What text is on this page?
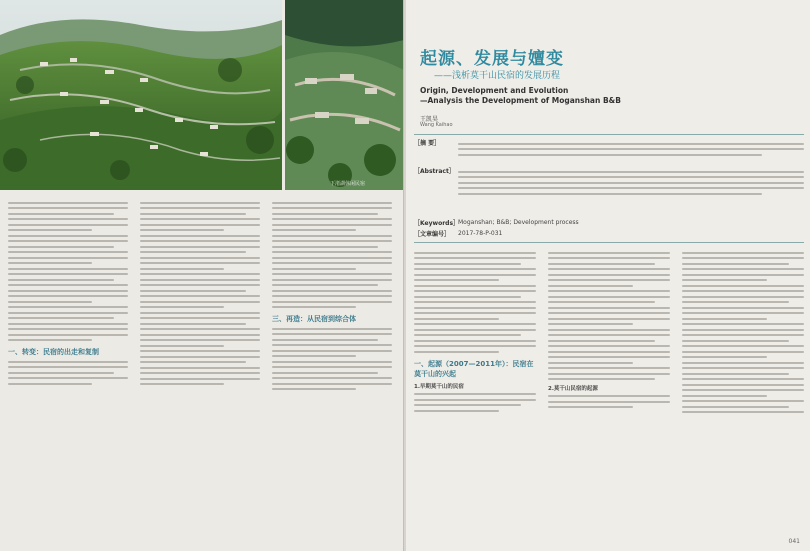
下渚湖休闲民宿
一、转变：民宿的出走和复制
三、再造：从民宿到综合体
起源、发展与嬗变
——浅析莫干山民宿的发展历程
Origin, Development and Evolution
—Analysis the Development of Moganshan B&B
王凯昊
Wang Kaihao
［摘 要］
［Abstract］
［Keywords］
Moganshan; B&B; Development process
［文章编号］ 2017-78-P-031
一、起源（2007—2011年）：民宿在莫干山的兴起
1.早期莫干山的民宿	2.莫干山民宿的起源
041
